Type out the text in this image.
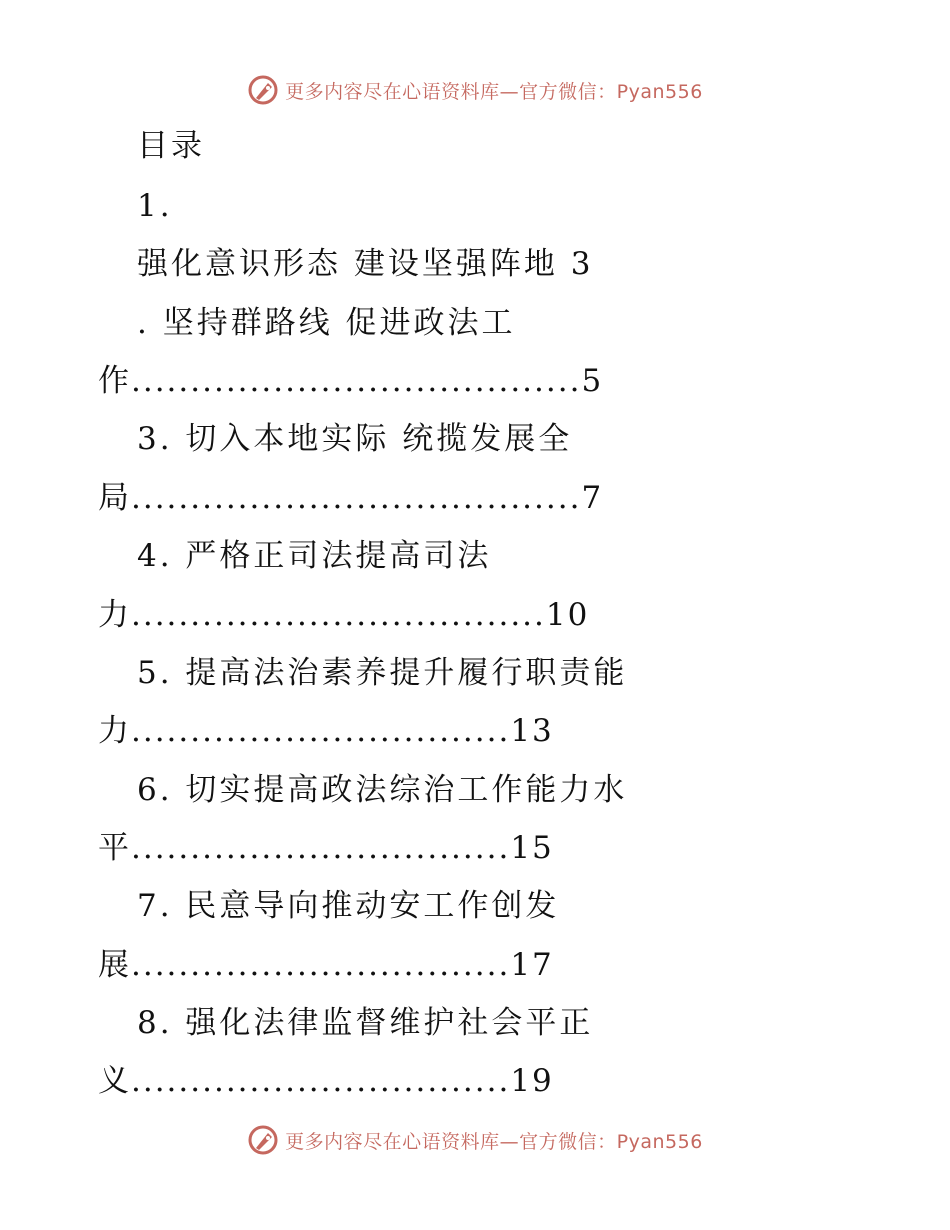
更多内容尽在心语资料库—官方微信：Pyan556
目录
1.
强化意识形态 建设坚强阵地 3
. 坚持群路线 促进政法工
作......................................5
3. 切入本地实际 统揽发展全
局......................................7
4. 严格正司法提高司法
力...................................10
5. 提高法治素养提升履行职责能
力................................13
6. 切实提高政法综治工作能力水
平................................15
7. 民意导向推动安工作创发
展................................17
8. 强化法律监督维护社会平正
义................................19
更多内容尽在心语资料库—官方微信：Pyan556
